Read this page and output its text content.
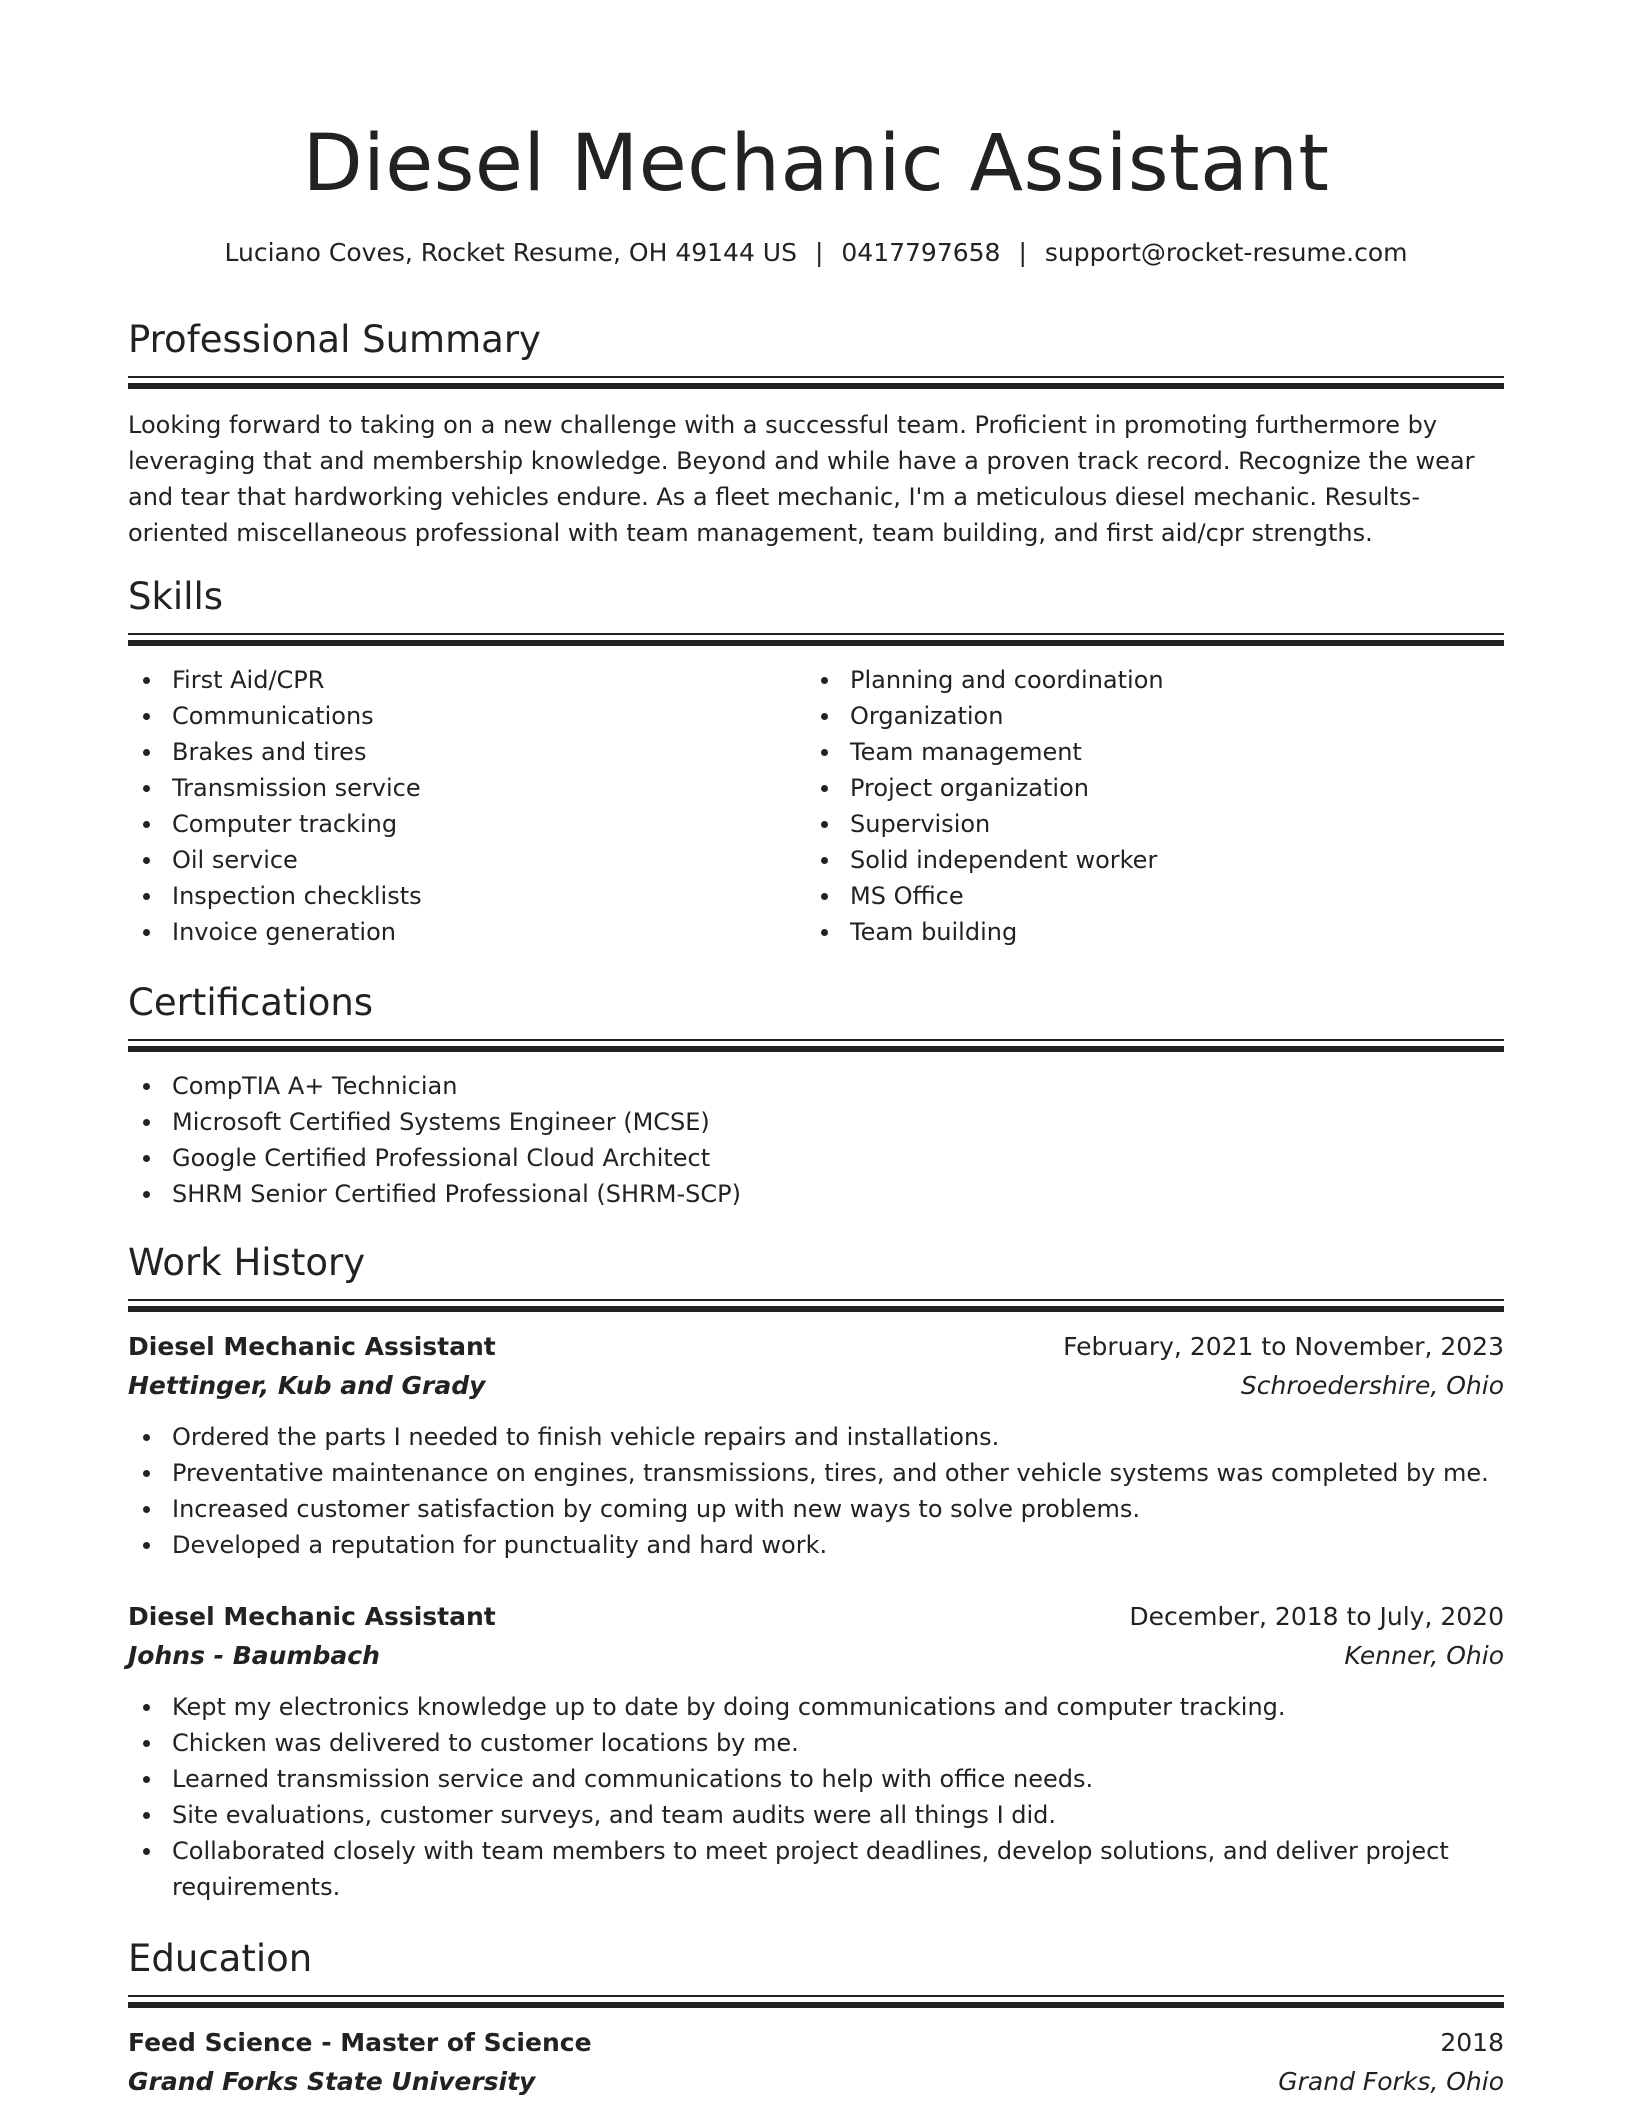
Diesel Mechanic Assistant
Luciano Coves, Rocket Resume, OH 49144 US | 0417797658 | support@rocket-resume.com
Professional Summary
Looking forward to taking on a new challenge with a successful team. Proficient in promoting furthermore by leveraging that and membership knowledge. Beyond and while have a proven track record. Recognize the wear and tear that hardworking vehicles endure. As a fleet mechanic, I'm a meticulous diesel mechanic. Results-oriented miscellaneous professional with team management, team building, and first aid/cpr strengths.
Skills
First Aid/CPR
Communications
Brakes and tires
Transmission service
Computer tracking
Oil service
Inspection checklists
Invoice generation
Planning and coordination
Organization
Team management
Project organization
Supervision
Solid independent worker
MS Office
Team building
Certifications
CompTIA A+ Technician
Microsoft Certified Systems Engineer (MCSE)
Google Certified Professional Cloud Architect
SHRM Senior Certified Professional (SHRM-SCP)
Work History
Diesel Mechanic Assistant	February, 2021 to November, 2023
Hettinger, Kub and Grady	Schroedershire, Ohio
Ordered the parts I needed to finish vehicle repairs and installations.
Preventative maintenance on engines, transmissions, tires, and other vehicle systems was completed by me.
Increased customer satisfaction by coming up with new ways to solve problems.
Developed a reputation for punctuality and hard work.
Diesel Mechanic Assistant	December, 2018 to July, 2020
Johns - Baumbach	Kenner, Ohio
Kept my electronics knowledge up to date by doing communications and computer tracking.
Chicken was delivered to customer locations by me.
Learned transmission service and communications to help with office needs.
Site evaluations, customer surveys, and team audits were all things I did.
Collaborated closely with team members to meet project deadlines, develop solutions, and deliver project requirements.
Education
Feed Science - Master of Science	2018
Grand Forks State University	Grand Forks, Ohio
